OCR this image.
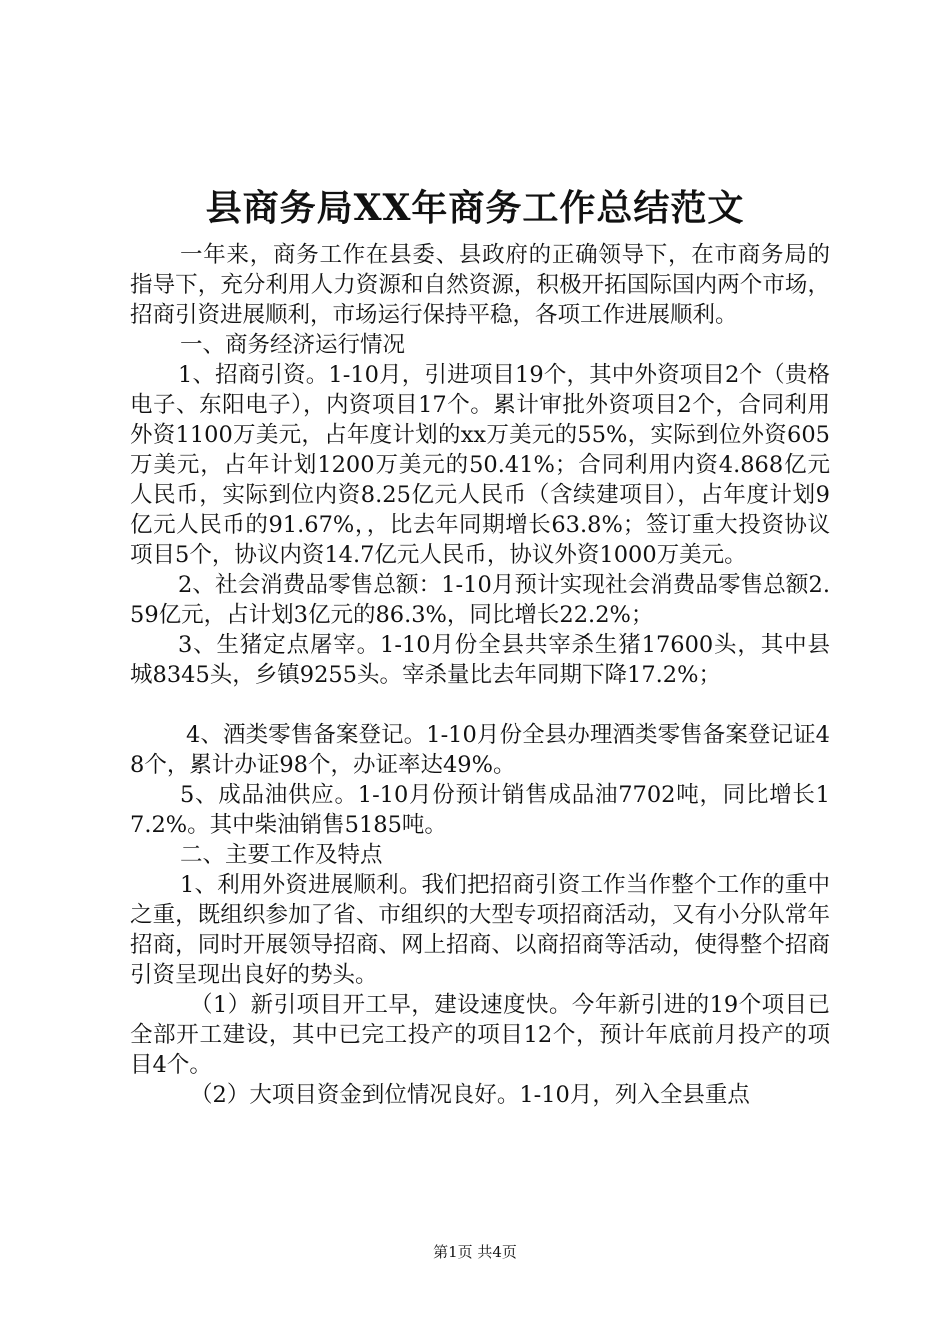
县商务局XX年商务工作总结范文

一年来，商务工作在县委、县政府的正确领导下，在市商务局的指导下，充分利用人力资源和自然资源，积极开拓国际国内两个市场，招商引资进展顺利，市场运行保持平稳，各项工作进展顺利。

一、商务经济运行情况

1、招商引资。1-10月，引进项目19个，其中外资项目2个（贵格电子、东阳电子），内资项目17个。累计审批外资项目2个，合同利用外资1100万美元，占年度计划的xx万美元的55%，实际到位外资605万美元，占年计划1200万美元的50.41%；合同利用内资4.868亿元人民币，实际到位内资8.25亿元人民币（含续建项目），占年度计划9亿元人民币的91.67%，，比去年同期增长63.8%；签订重大投资协议项目5个，协议内资14.7亿元人民币，协议外资1000万美元。

2、社会消费品零售总额：1-10月预计实现社会消费品零售总额2.59亿元，占计划3亿元的86.3%，同比增长22.2%；

3、生猪定点屠宰。1-10月份全县共宰杀生猪17600头，其中县城8345头，乡镇9255头。宰杀量比去年同期下降17.2%；

4、酒类零售备案登记。1-10月份全县办理酒类零售备案登记证48个，累计办证98个，办证率达49%。

5、成品油供应。1-10月份预计销售成品油7702吨，同比增长17.2%。其中柴油销售5185吨。

二、主要工作及特点

1、利用外资进展顺利。我们把招商引资工作当作整个工作的重中之重，既组织参加了省、市组织的大型专项招商活动，又有小分队常年招商，同时开展领导招商、网上招商、以商招商等活动，使得整个招商引资呈现出良好的势头。

（1）新引项目开工早，建设速度快。今年新引进的19个项目已全部开工建设，其中已完工投产的项目12个，预计年底前月投产的项目4个。

（2）大项目资金到位情况良好。1-10月，列入全县重点

第1页 共4页
